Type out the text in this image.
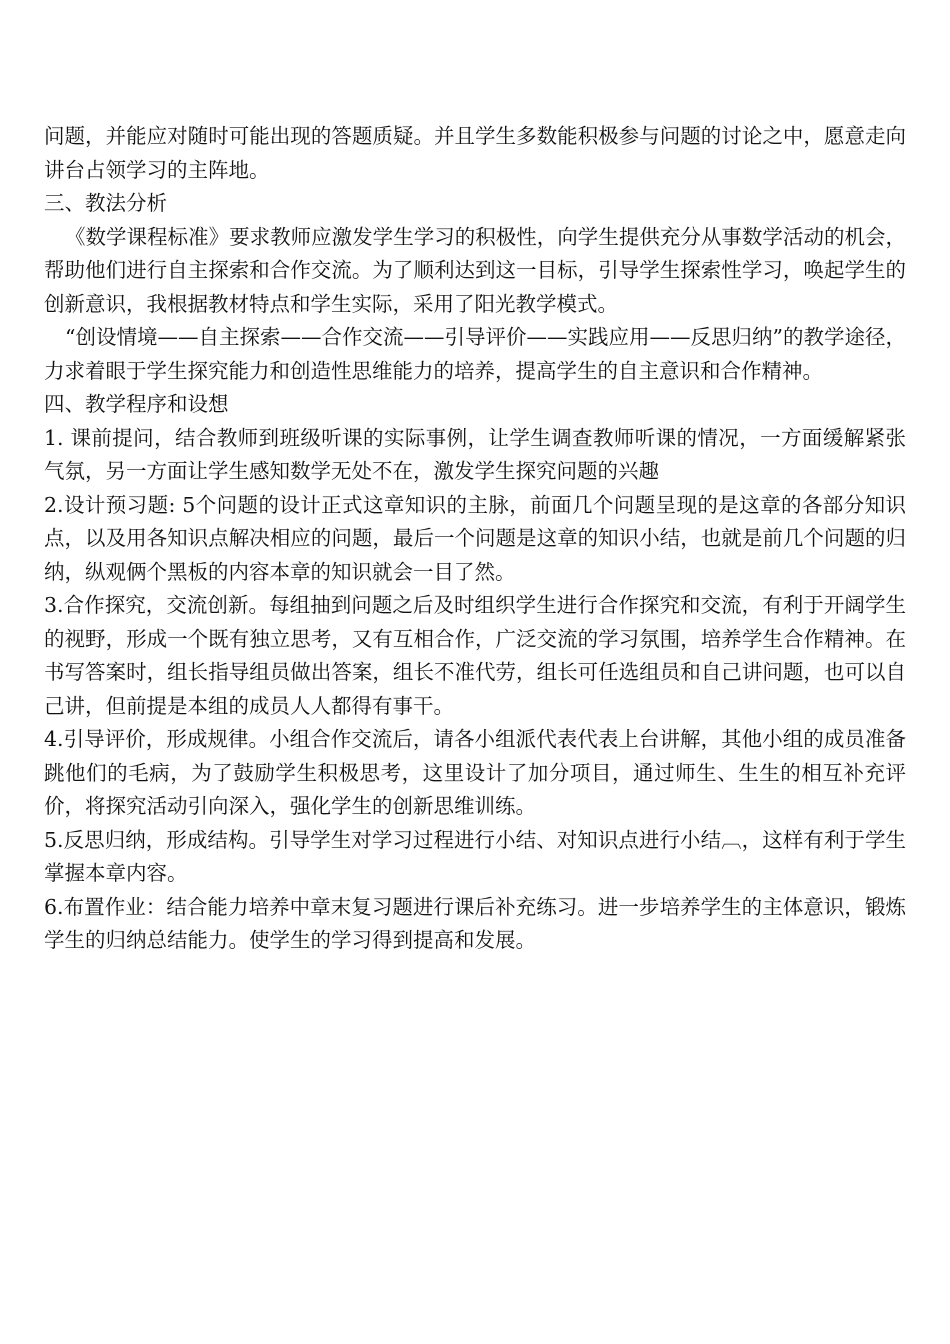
问题，并能应对随时可能出现的答题质疑。并且学生多数能积极参与问题的讨论之中，愿意走向讲台占领学习的主阵地。

三、教法分析

《数学课程标准》要求教师应激发学生学习的积极性，向学生提供充分从事数学活动的机会，帮助他们进行自主探索和合作交流。为了顺利达到这一目标，引导学生探索性学习，唤起学生的创新意识，我根据教材特点和学生实际，采用了阳光教学模式。

“创设情境——自主探索——合作交流——引导评价——实践应用——反思归纳”的教学途径，力求着眼于学生探究能力和创造性思维能力的培养，提高学生的自主意识和合作精神。

四、教学程序和设想

1. 课前提问，结合教师到班级听课的实际事例，让学生调查教师听课的情况，一方面缓解紧张气氛，另一方面让学生感知数学无处不在，激发学生探究问题的兴趣

2.设计预习题: 5个问题的设计正式这章知识的主脉，前面几个问题呈现的是这章的各部分知识点，以及用各知识点解决相应的问题，最后一个问题是这章的知识小结，也就是前几个问题的归纳，纵观俩个黑板的内容本章的知识就会一目了然。

3.合作探究，交流创新。每组抽到问题之后及时组织学生进行合作探究和交流，有利于开阔学生的视野，形成一个既有独立思考，又有互相合作，广泛交流的学习氛围，培养学生合作精神。在书写答案时，组长指导组员做出答案，组长不准代劳，组长可任选组员和自己讲问题，也可以自己讲，但前提是本组的成员人人都得有事干。

4.引导评价，形成规律。小组合作交流后，请各小组派代表代表上台讲解，其他小组的成员准备跳他们的毛病，为了鼓励学生积极思考，这里设计了加分项目，通过师生、生生的相互补充评价，将探究活动引向深入，强化学生的创新思维训练。

5.反思归纳，形成结构。引导学生对学习过程进行小结、对知识点进行小结︹，这样有利于学生掌握本章内容。

6.布置作业：结合能力培养中章末复习题进行课后补充练习。进一步培养学生的主体意识，锻炼学生的归纳总结能力。使学生的学习得到提高和发展。
